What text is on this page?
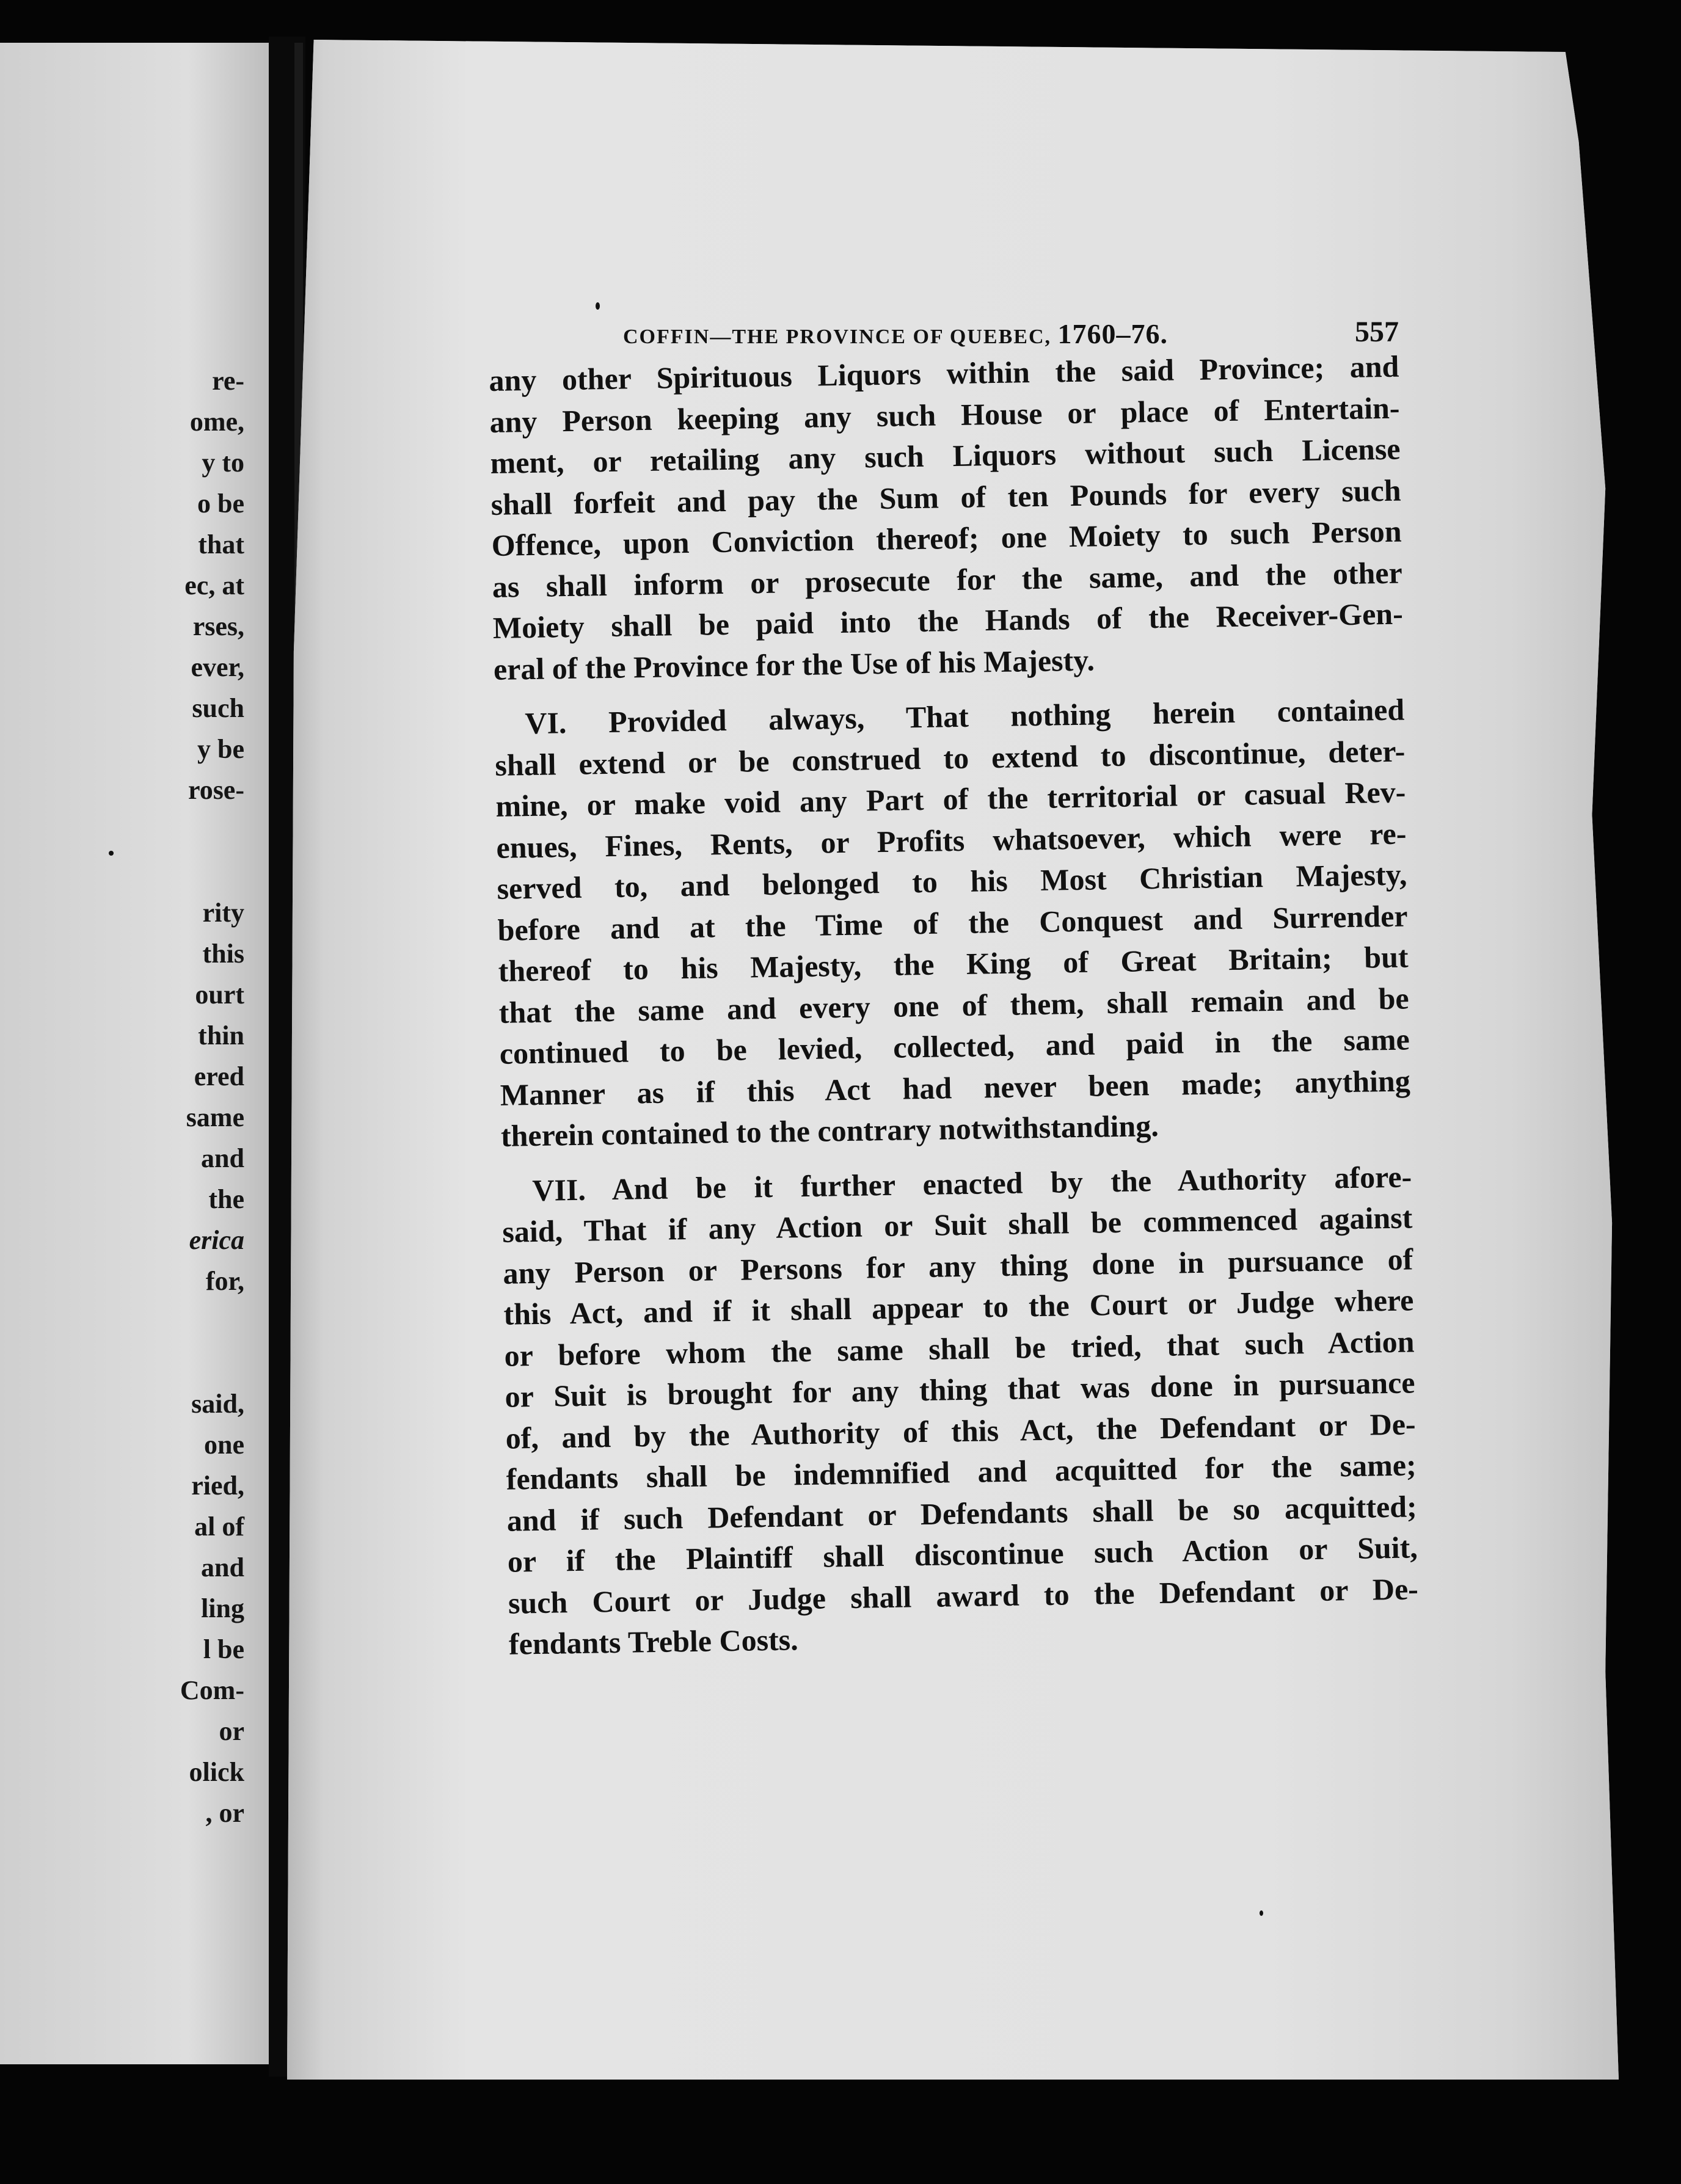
re-
ome,
y to
o be
that
ec, at
rses,
ever,
such
y be
rose-
rity
this
ourt
thin
ered
same
and
the
erica
for,
said,
one
ried,
al of
and
ling
l be
Com-
or
olick
, or
COFFIN—THE PROVINCE OF QUEBEC, 1760–76.	557

any other Spirituous Liquors within the said Province; and
any Person keeping any such House or place of Entertain-
ment, or retailing any such Liquors without such License
shall forfeit and pay the Sum of ten Pounds for every such
Offence, upon Conviction thereof; one Moiety to such Person
as shall inform or prosecute for the same, and the other
Moiety shall be paid into the Hands of the Receiver-Gen-
eral of the Province for the Use of his Majesty.

VI. Provided always, That nothing herein contained
shall extend or be construed to extend to discontinue, deter-
mine, or make void any Part of the territorial or casual Rev-
enues, Fines, Rents, or Profits whatsoever, which were re-
served to, and belonged to his Most Christian Majesty,
before and at the Time of the Conquest and Surrender
thereof to his Majesty, the King of Great Britain; but
that the same and every one of them, shall remain and be
continued to be levied, collected, and paid in the same
Manner as if this Act had never been made; anything
therein contained to the contrary notwithstanding.

VII. And be it further enacted by the Authority afore-
said, That if any Action or Suit shall be commenced against
any Person or Persons for any thing done in pursuance of
this Act, and if it shall appear to the Court or Judge where
or before whom the same shall be tried, that such Action
or Suit is brought for any thing that was done in pursuance
of, and by the Authority of this Act, the Defendant or De-
fendants shall be indemnified and acquitted for the same;
and if such Defendant or Defendants shall be so acquitted;
or if the Plaintiff shall discontinue such Action or Suit,
such Court or Judge shall award to the Defendant or De-
fendants Treble Costs.
